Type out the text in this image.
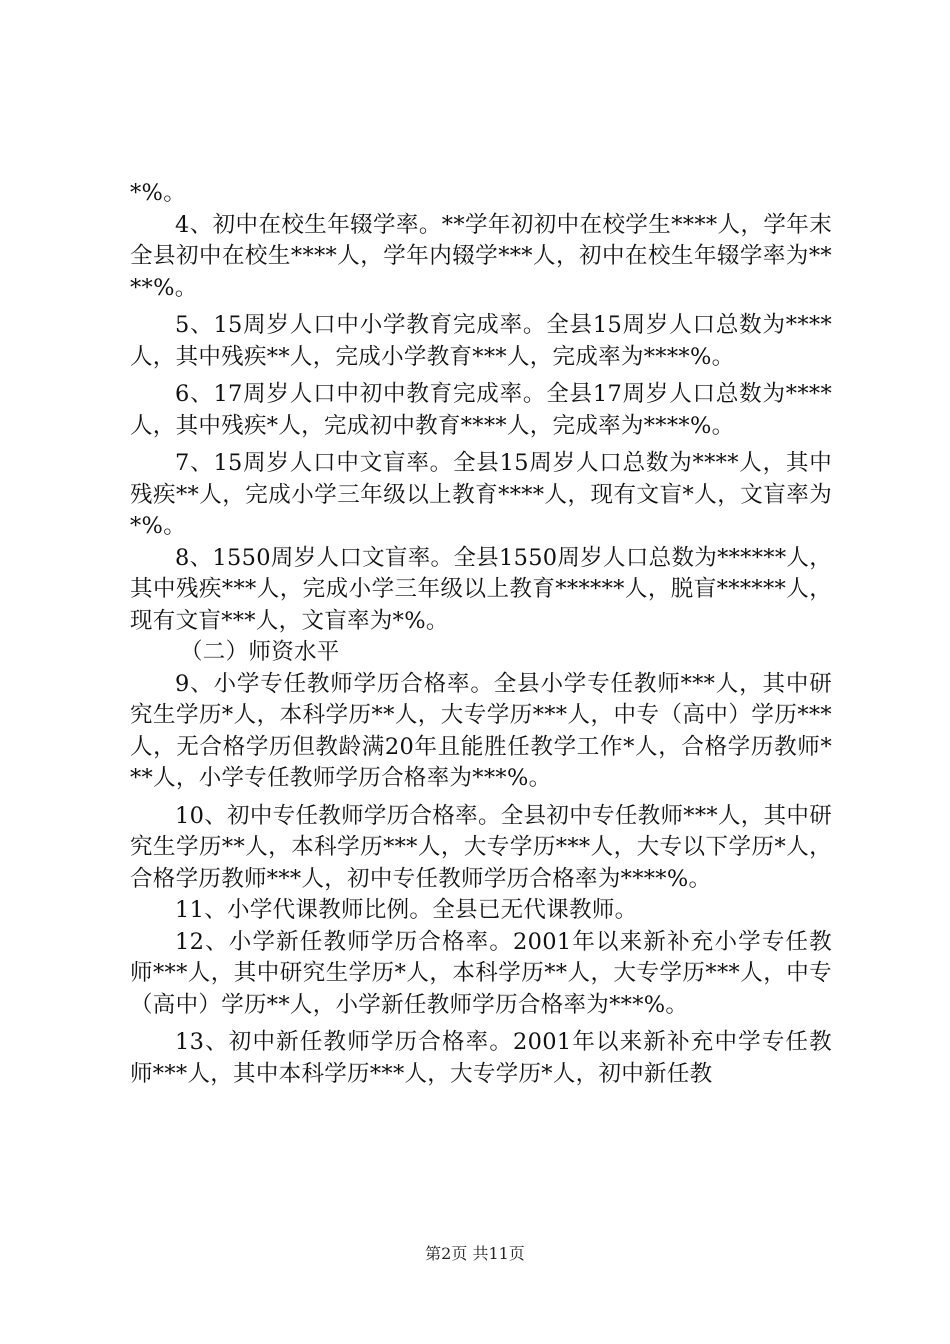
*%。

4、初中在校生年辍学率。**学年初初中在校学生****人，学年末全县初中在校生****人，学年内辍学***人，初中在校生年辍学率为****%。

5、15周岁人口中小学教育完成率。全县15周岁人口总数为****人，其中残疾**人，完成小学教育***人，完成率为****%。

6、17周岁人口中初中教育完成率。全县17周岁人口总数为****人，其中残疾*人，完成初中教育****人，完成率为****%。

7、15周岁人口中文盲率。全县15周岁人口总数为****人，其中残疾**人，完成小学三年级以上教育****人，现有文盲*人，文盲率为*%。

8、1550周岁人口文盲率。全县1550周岁人口总数为******人，其中残疾***人，完成小学三年级以上教育******人，脱盲******人，现有文盲***人，文盲率为*%。

（二）师资水平

9、小学专任教师学历合格率。全县小学专任教师***人，其中研究生学历*人，本科学历**人，大专学历***人，中专（高中）学历***人，无合格学历但教龄满20年且能胜任教学工作*人，合格学历教师***人，小学专任教师学历合格率为***%。

10、初中专任教师学历合格率。全县初中专任教师***人，其中研究生学历**人，本科学历***人，大专学历***人，大专以下学历*人，合格学历教师***人，初中专任教师学历合格率为****%。

11、小学代课教师比例。全县已无代课教师。

12、小学新任教师学历合格率。2001年以来新补充小学专任教师***人，其中研究生学历*人，本科学历**人，大专学历***人，中专（高中）学历**人，小学新任教师学历合格率为***%。

13、初中新任教师学历合格率。2001年以来新补充中学专任教师***人，其中本科学历***人，大专学历*人，初中新任教

第2页 共11页
